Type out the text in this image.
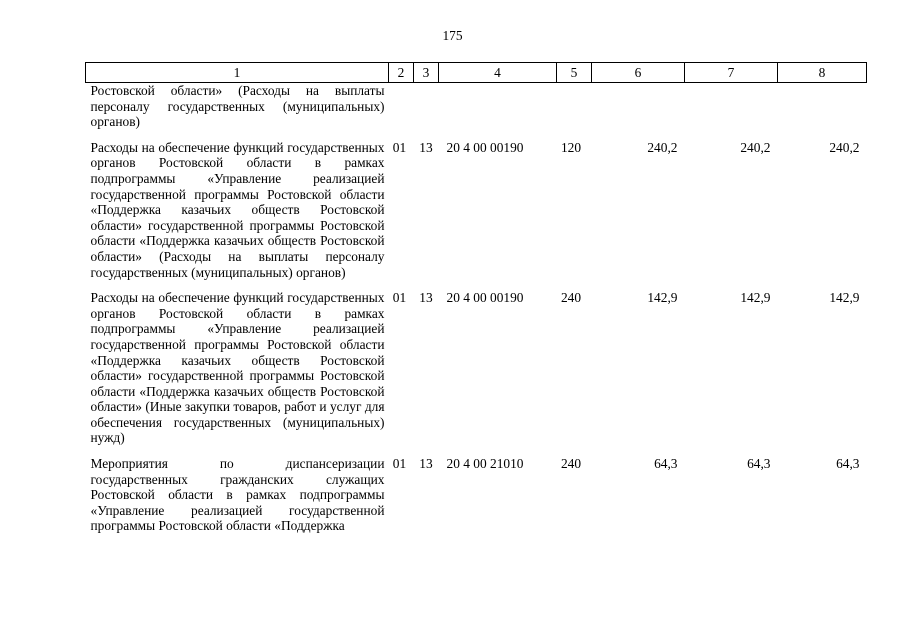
175
1	2	3	4	5	6	7	8
Ростовской области» (Расходы на выплаты персоналу государственных (муниципальных) органов)							
Расходы на обеспечение функций государственных органов Ростовской области в рамках подпрограммы «Управление реализацией государственной программы Ростовской области «Поддержка казачьих обществ Ростовской области» государственной программы Ростовской области «Поддержка казачьих обществ Ростовской области» (Расходы на выплаты персоналу государственных (муниципальных) органов)	01	13	20 4 00 00190	120	240,2	240,2	240,2
Расходы на обеспечение функций государственных органов Ростовской области в рамках подпрограммы «Управление реализацией государственной программы Ростовской области «Поддержка казачьих обществ Ростовской области» государственной программы Ростовской области «Поддержка казачьих обществ Ростовской области» (Иные закупки товаров, работ и услуг для обеспечения государственных (муниципальных) нужд)	01	13	20 4 00 00190	240	142,9	142,9	142,9
Мероприятия по диспансеризации государственных гражданских служащих Ростовской области в рамках подпрограммы «Управление реализацией государственной программы Ростовской области «Поддержка	01	13	20 4 00 21010	240	64,3	64,3	64,3
